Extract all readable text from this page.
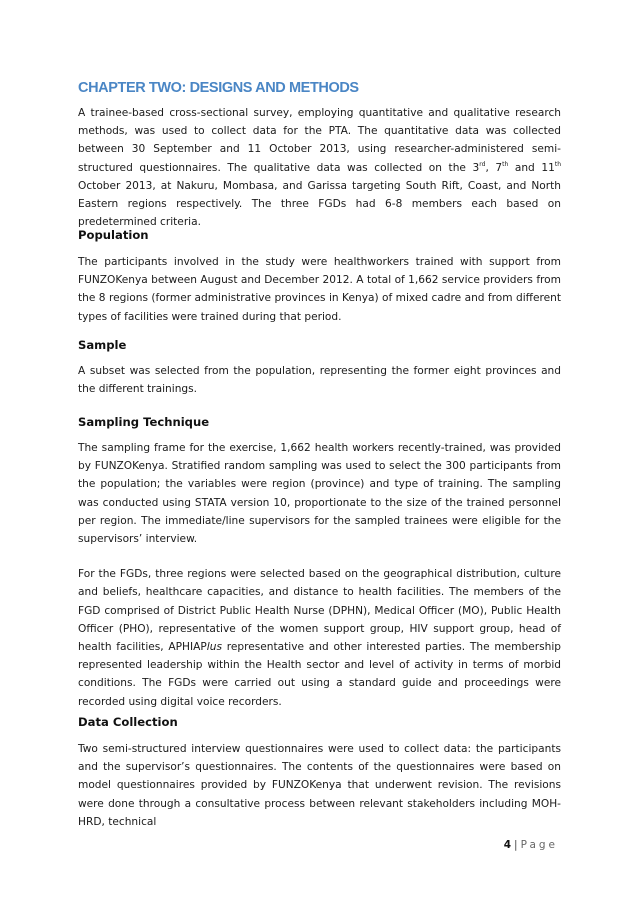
CHAPTER TWO: DESIGNS AND METHODS

A trainee-based cross-sectional survey, employing quantitative and qualitative research methods, was used to collect data for the PTA. The quantitative data was collected between 30 September and 11 October 2013, using researcher-administered semi-structured questionnaires. The qualitative data was collected on the 3rd, 7th and 11th October 2013, at Nakuru, Mombasa, and Garissa targeting South Rift, Coast, and North Eastern regions respectively. The three FGDs had 6-8 members each based on predetermined criteria.

Population

The participants involved in the study were healthworkers trained with support from FUNZOKenya between August and December 2012. A total of 1,662 service providers from the 8 regions (former administrative provinces in Kenya) of mixed cadre and from different types of facilities were trained during that period.

Sample

A subset was selected from the population, representing the former eight provinces and the different trainings.

Sampling Technique

The sampling frame for the exercise, 1,662 health workers recently-trained, was provided by FUNZOKenya. Stratified random sampling was used to select the 300 participants from the population; the variables were region (province) and type of training. The sampling was conducted using STATA version 10, proportionate to the size of the trained personnel per region. The immediate/line supervisors for the sampled trainees were eligible for the supervisors’ interview.

For the FGDs, three regions were selected based on the geographical distribution, culture and beliefs, healthcare capacities, and distance to health facilities. The members of the FGD comprised of District Public Health Nurse (DPHN), Medical Officer (MO), Public Health Officer (PHO), representative of the women support group, HIV support group, head of health facilities, APHIAPlus representative and other interested parties. The membership represented leadership within the Health sector and level of activity in terms of morbid conditions. The FGDs were carried out using a standard guide and proceedings were recorded using digital voice recorders.

Data Collection

Two semi-structured interview questionnaires were used to collect data: the participants and the supervisor’s questionnaires. The contents of the questionnaires were based on model questionnaires provided by FUNZOKenya that underwent revision. The revisions were done through a consultative process between relevant stakeholders including MOH-HRD, technical

4 | Page
